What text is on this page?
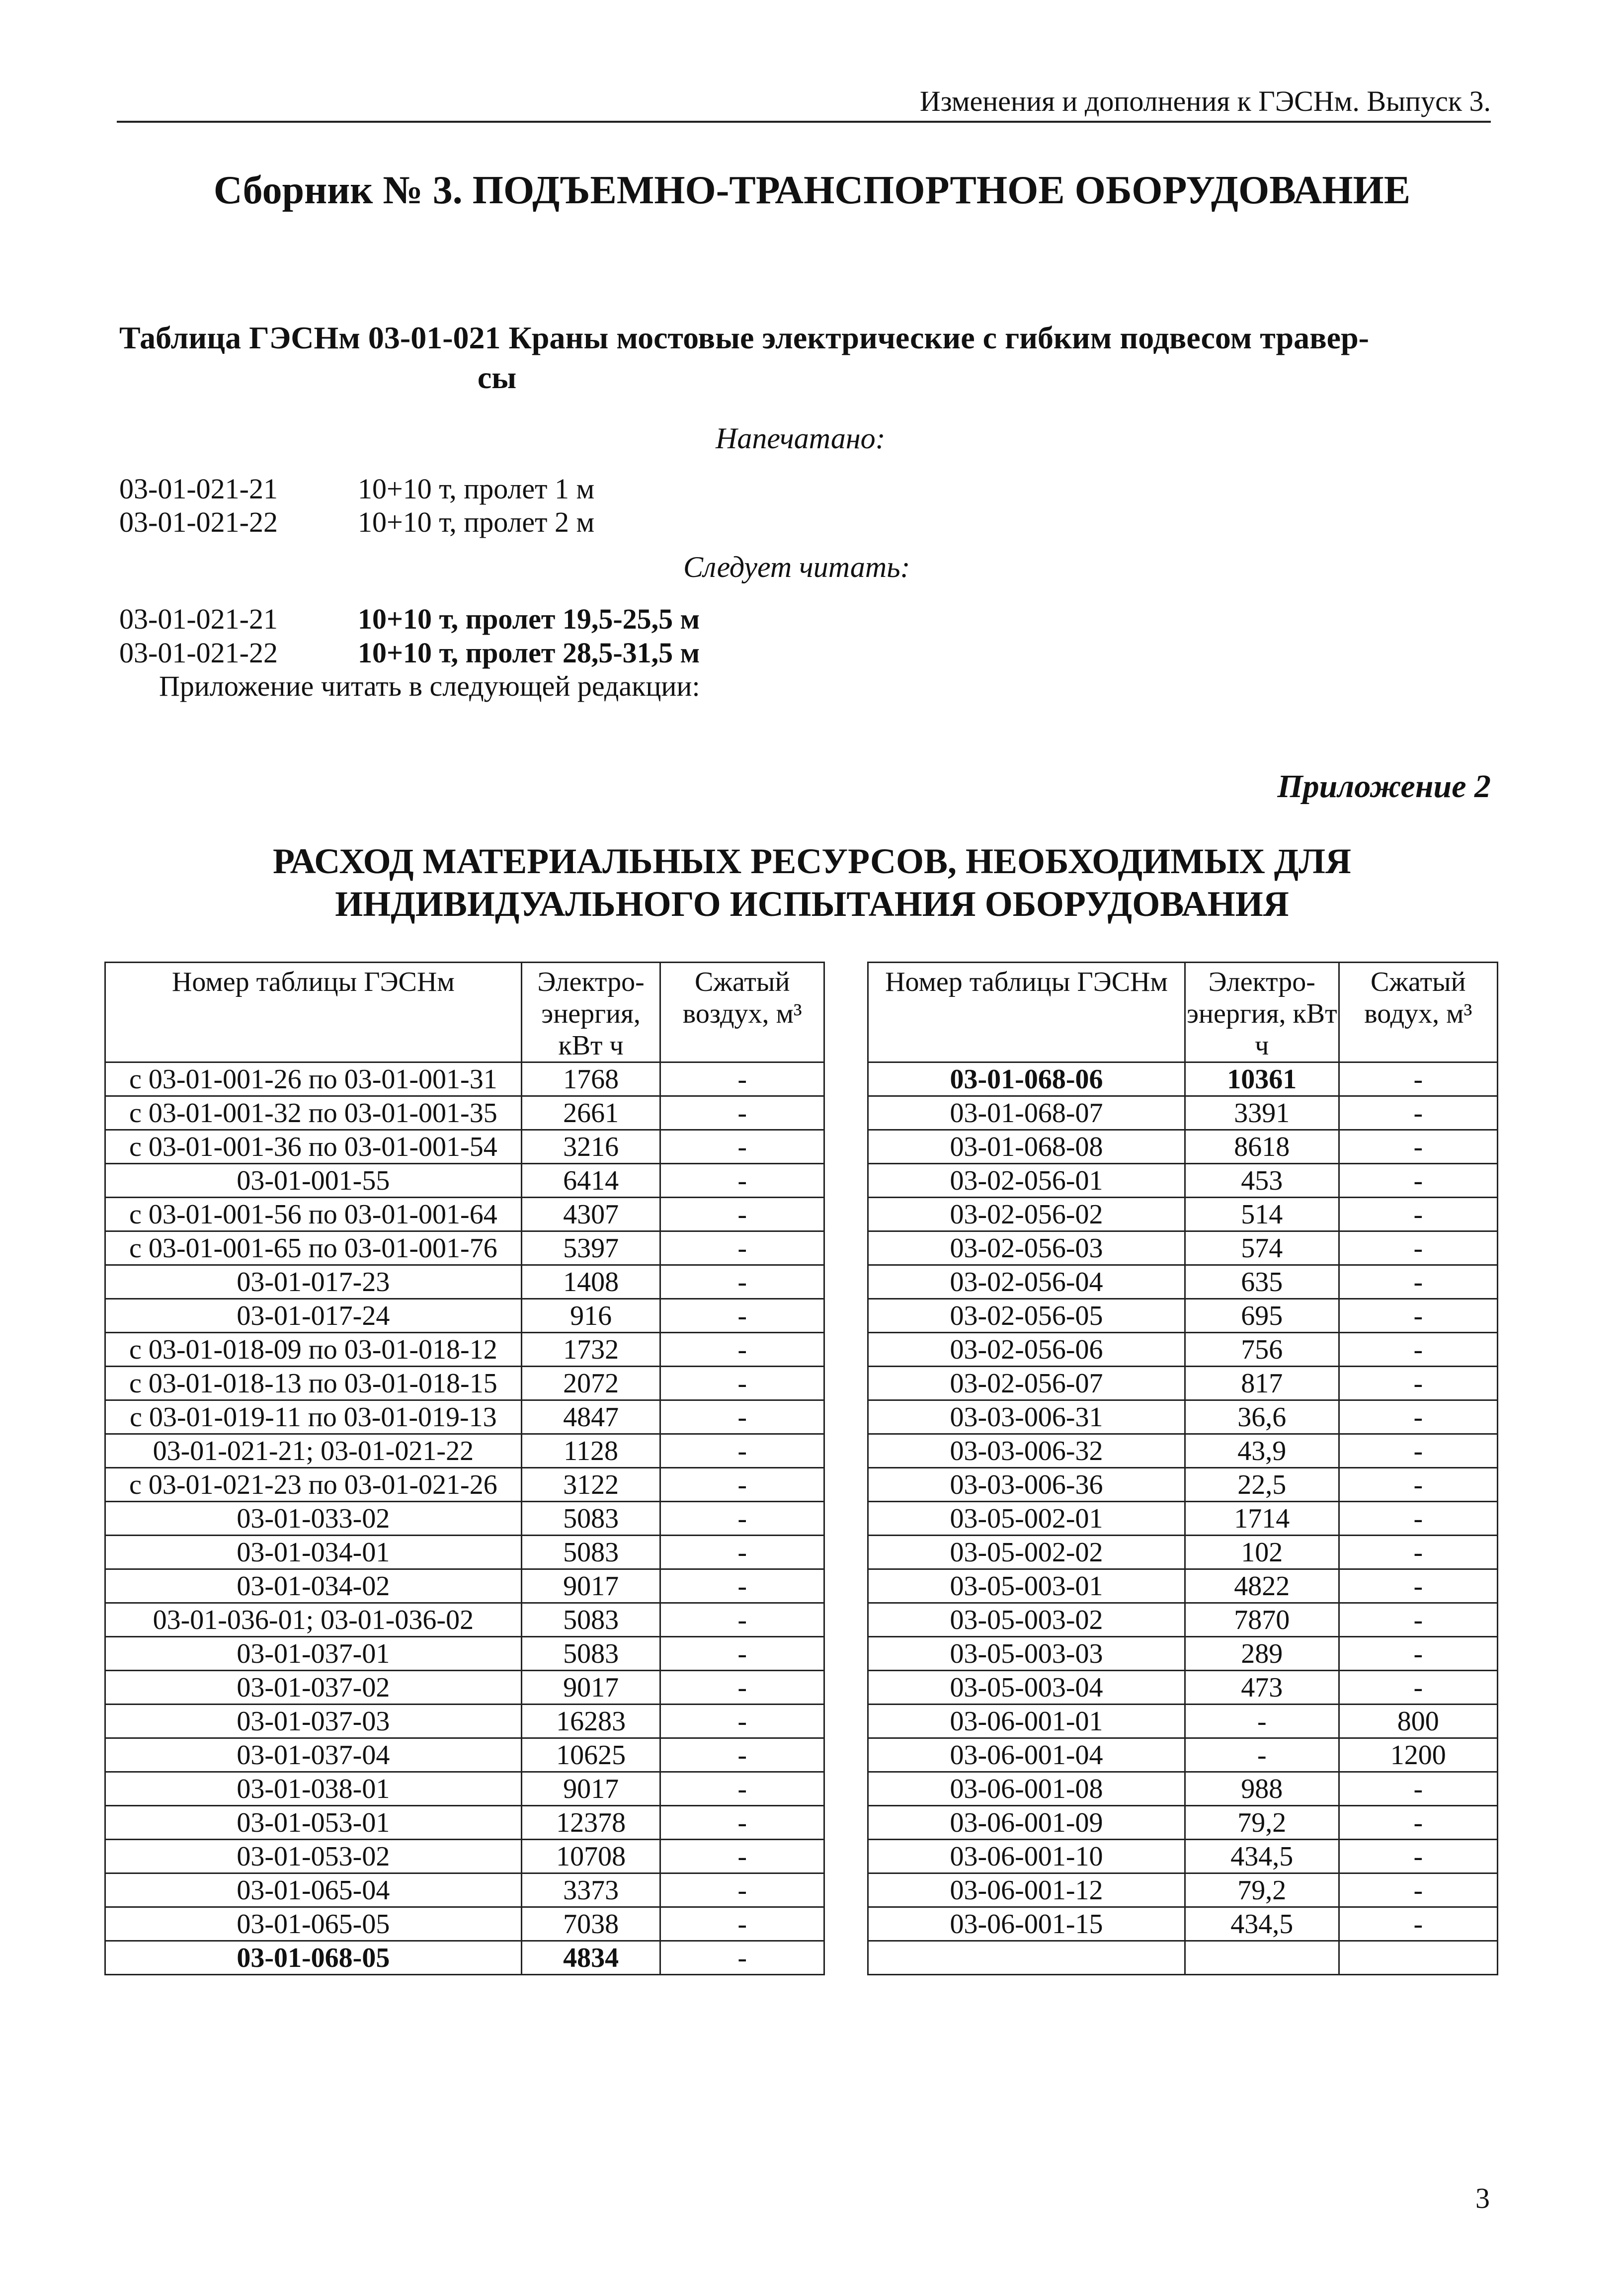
Изменения и дополнения к ГЭСНм. Выпуск 3.
Сборник № 3. ПОДЪЕМНО-ТРАНСПОРТНОЕ ОБОРУДОВАНИЕ
Таблица ГЭСНм 03-01-021 Краны мостовые электрические с гибким подвесом травер-
сы
Напечатано:
03-01-021-21	10+10 т, пролет 1 м
03-01-021-22	10+10 т, пролет 2 м
Следует читать:
03-01-021-21	10+10 т, пролет 19,5-25,5 м
03-01-021-22	10+10 т, пролет 28,5-31,5 м
Приложение читать в следующей редакции:
Приложение 2
РАСХОД МАТЕРИАЛЬНЫХ РЕСУРСОВ, НЕОБХОДИМЫХ ДЛЯ
ИНДИВИДУАЛЬНОГО ИСПЫТАНИЯ ОБОРУДОВАНИЯ
Номер таблицы ГЭСНм	Электро-энергия, кВт ч	Сжатый воздух, м³
с 03-01-001-26 по 03-01-001-31	1768	-
с 03-01-001-32 по 03-01-001-35	2661	-
с 03-01-001-36 по 03-01-001-54	3216	-
03-01-001-55	6414	-
с 03-01-001-56 по 03-01-001-64	4307	-
с 03-01-001-65 по 03-01-001-76	5397	-
03-01-017-23	1408	-
03-01-017-24	916	-
с 03-01-018-09 по 03-01-018-12	1732	-
с 03-01-018-13 по 03-01-018-15	2072	-
с 03-01-019-11 по 03-01-019-13	4847	-
03-01-021-21; 03-01-021-22	1128	-
с 03-01-021-23 по 03-01-021-26	3122	-
03-01-033-02	5083	-
03-01-034-01	5083	-
03-01-034-02	9017	-
03-01-036-01; 03-01-036-02	5083	-
03-01-037-01	5083	-
03-01-037-02	9017	-
03-01-037-03	16283	-
03-01-037-04	10625	-
03-01-038-01	9017	-
03-01-053-01	12378	-
03-01-053-02	10708	-
03-01-065-04	3373	-
03-01-065-05	7038	-
03-01-068-05	4834	-
Номер таблицы ГЭСНм	Электро-энергия, кВт ч	Сжатый водух, м³
03-01-068-06	10361	-
03-01-068-07	3391	-
03-01-068-08	8618	-
03-02-056-01	453	-
03-02-056-02	514	-
03-02-056-03	574	-
03-02-056-04	635	-
03-02-056-05	695	-
03-02-056-06	756	-
03-02-056-07	817	-
03-03-006-31	36,6	-
03-03-006-32	43,9	-
03-03-006-36	22,5	-
03-05-002-01	1714	-
03-05-002-02	102	-
03-05-003-01	4822	-
03-05-003-02	7870	-
03-05-003-03	289	-
03-05-003-04	473	-
03-06-001-01	-	800
03-06-001-04	-	1200
03-06-001-08	988	-
03-06-001-09	79,2	-
03-06-001-10	434,5	-
03-06-001-12	79,2	-
03-06-001-15	434,5	-

3
